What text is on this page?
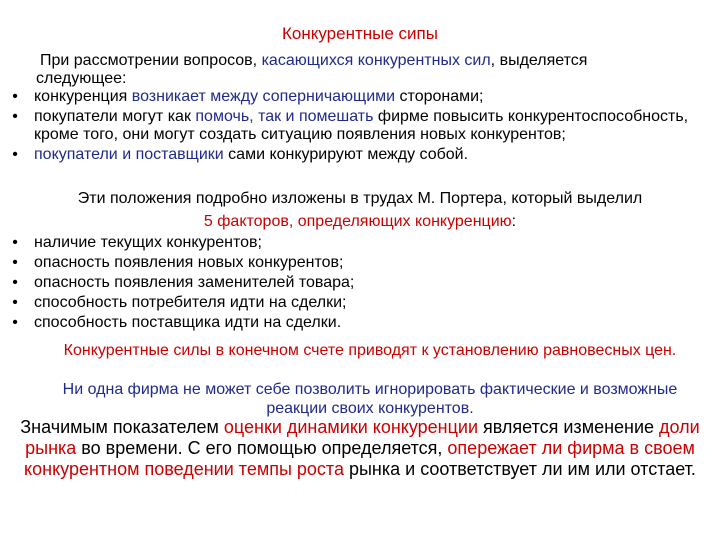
Конкурентные сипы
При рассмотрении вопросов, касающихся конкурентных сил, выделяется
следующее:
•	конкуренция возникает между соперничающими сторонами;
•	покупатели могут как помочь, так и помешать фирме повысить конкурентоспособность, кроме того, они могут создать ситуацию появления новых конкурентов;
•	покупатели и поставщики сами конкурируют между собой.
Эти положения подробно изложены в трудах М. Портера, который выделил
5 факторов, определяющих конкуренцию:
•	наличие текущих конкурентов;
•	опасность появления новых конкурентов;
•	опасность появления заменителей товара;
•	способность потребителя идти на сделки;
•	способность поставщика идти на сделки.
Конкурентные силы в конечном счете приводят к установлению равновесных цен.
Ни одна фирма не может себе позволить игнорировать фактические и возможные реакции своих конкурентов.
Значимым показателем оценки динамики конкуренции является изменение доли рынка во времени. С его помощью определяется, опережает ли фирма в своем конкурентном поведении темпы роста рынка и соответствует ли им или отстает.
